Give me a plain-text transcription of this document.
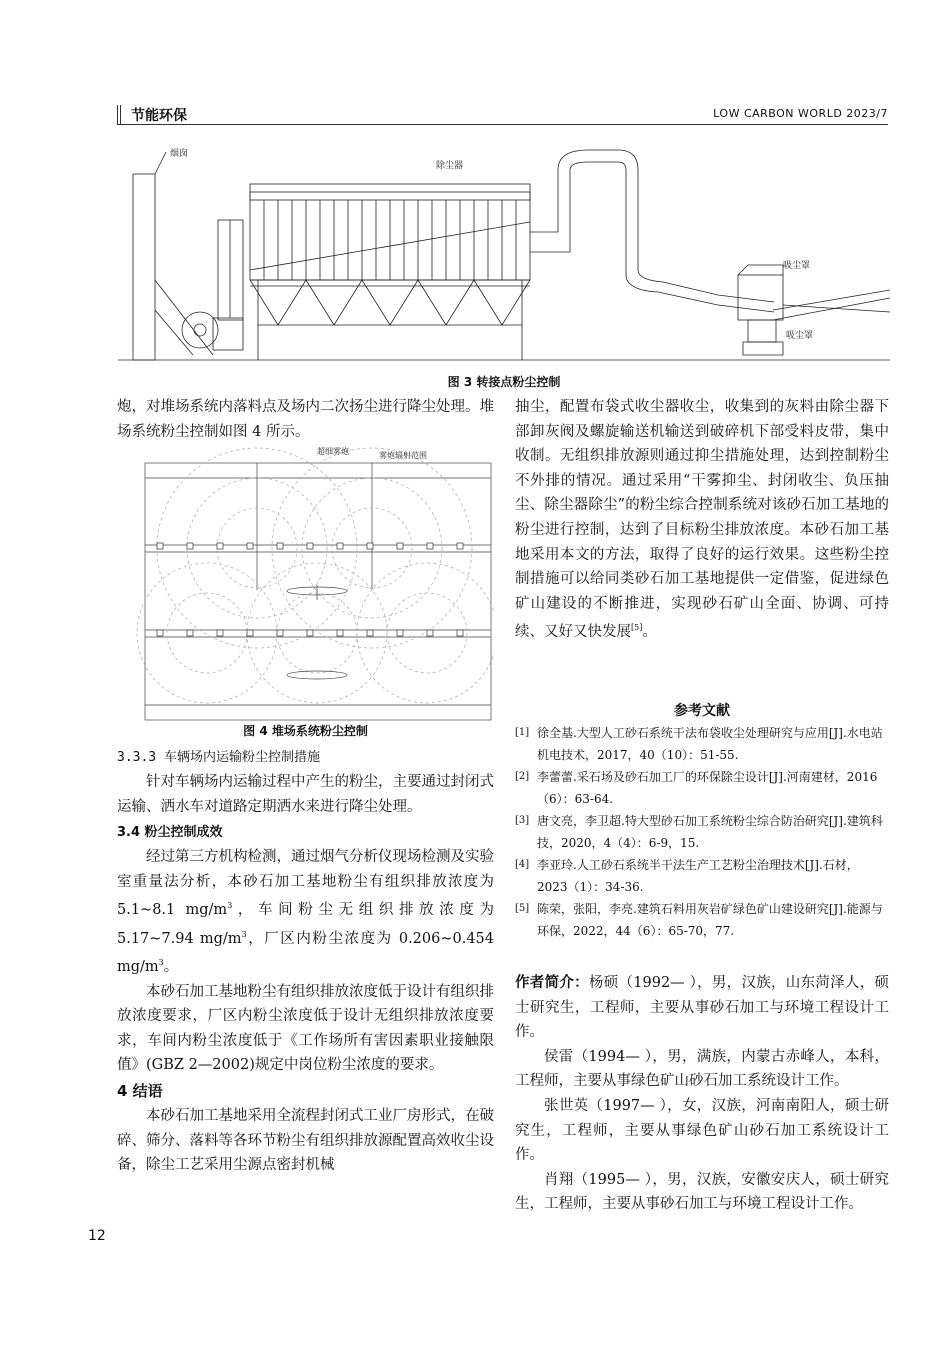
节能环保	LOW CARBON WORLD 2023/7
烟囱
除尘器
吸尘罩
吸尘罩
图 3 转接点粉尘控制

炮，对堆场系统内落料点及场内二次扬尘进行降尘处理。堆场系统粉尘控制如图 4 所示。

超细雾炮	雾炮辐射范围
图 4 堆场系统粉尘控制

3.3.3 车辆场内运输粉尘控制措施

针对车辆场内运输过程中产生的粉尘，主要通过封闭式运输、洒水车对道路定期洒水来进行降尘处理。

3.4 粉尘控制成效

经过第三方机构检测，通过烟气分析仪现场检测及实验室重量法分析，本砂石加工基地粉尘有组织排放浓度为 5.1~8.1 $mg/m^3$，车间粉尘无组织排放浓度为 5.17~7.94 $mg/m^3$，厂区内粉尘浓度为 0.206~0.454 $mg/m^3$。

本砂石加工基地粉尘有组织排放浓度低于设计有组织排放浓度要求，厂区内粉尘浓度低于设计无组织排放浓度要求，车间内粉尘浓度低于《工作场所有害因素职业接触限值》(GBZ 2—2002)规定中岗位粉尘浓度的要求。

4 结语

本砂石加工基地采用全流程封闭式工业厂房形式，在破碎、筛分、落料等各环节粉尘有组织排放源配置高效收尘设备，除尘工艺采用尘源点密封机械

抽尘，配置布袋式收尘器收尘，收集到的灰料由除尘器下部卸灰阀及螺旋输送机输送到破碎机下部受料皮带，集中收制。无组织排放源则通过抑尘措施处理，达到控制粉尘不外排的情况。通过采用“干雾抑尘、封闭收尘、负压抽尘、除尘器除尘”的粉尘综合控制系统对该砂石加工基地的粉尘进行控制，达到了目标粉尘排放浓度。本砂石加工基地采用本文的方法，取得了良好的运行效果。这些粉尘控制措施可以给同类砂石加工基地提供一定借鉴，促进绿色矿山建设的不断推进，实现砂石矿山全面、协调、可持续、又好又快发展[5]。

参考文献
[1] 徐全基.大型人工砂石系统干法布袋收尘处理研究与应用[J].水电站机电技术，2017，40（10）：51-55.
[2] 李蕾蕾.采石场及砂石加工厂的环保除尘设计[J].河南建材，2016（6）：63-64.
[3] 唐文亮，李卫超.特大型砂石加工系统粉尘综合防治研究[J].建筑科技，2020，4（4）：6-9，15.
[4] 李亚玲.人工砂石系统半干法生产工艺粉尘治理技术[J].石材，2023（1）：34-36.
[5] 陈荣，张阳，李亮.建筑石料用灰岩矿绿色矿山建设研究[J].能源与环保，2022，44（6）：65-70，77.

作者简介：杨硕（1992— ），男，汉族，山东菏泽人，硕士研究生，工程师，主要从事砂石加工与环境工程设计工作。

侯雷（1994— ），男，满族，内蒙古赤峰人，本科，工程师，主要从事绿色矿山砂石加工系统设计工作。

张世英（1997— ），女，汉族，河南南阳人，硕士研究生，工程师，主要从事绿色矿山砂石加工系统设计工作。

肖翔（1995— ），男，汉族，安徽安庆人，硕士研究生，工程师，主要从事砂石加工与环境工程设计工作。

12
